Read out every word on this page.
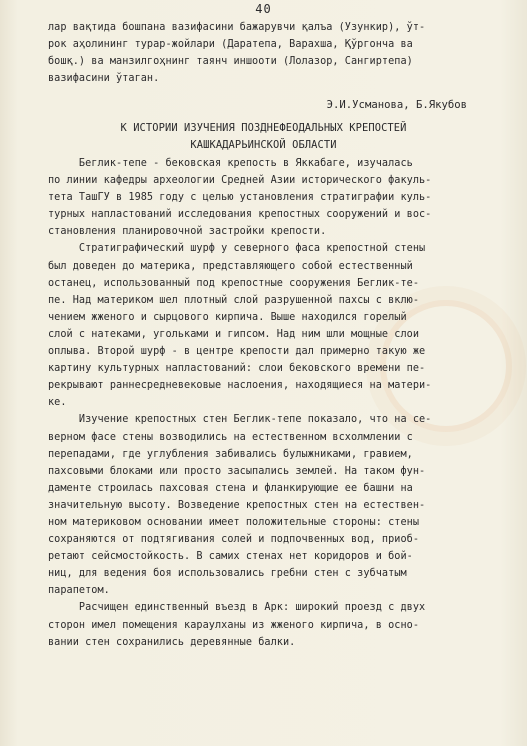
40
лар вақтида бошпана вазифасини бажарувчи қалъа (Узункир), ўт-
рок аҳолининг турар-жойлари (Даратепа, Варахша, Қўргонча ва
бошқ.) ва манзилгоҳнинг таянч иншооти (Лолазор, Сангиртепа)
вазифасини ўтаган.
Э.И.Усманова, Б.Якубов
К ИСТОРИИ ИЗУЧЕНИЯ ПОЗДНЕФЕОДАЛЬНЫХ КРЕПОСТЕЙ
КАШКАДАРЬИНСКОЙ ОБЛАСТИ
Беглик-тепе - бековская крепость в Яккабаге, изучалась
по линии кафедры археологии Средней Азии исторического факуль-
тета ТашГУ в 1985 году с целью установления стратиграфии куль-
турных напластований исследования крепостных сооружений и вос-
становления планировочной застройки крепости.
Стратиграфический шурф у северного фаса крепостной стены
был доведен до материка, представляющего собой естественный
останец, использованный под крепостные сооружения Беглик-те-
пе. Над материком шел плотный слой разрушенной пахсы с вклю-
чением жженого и сырцового кирпича. Выше находился горелый
слой с натеками, угольками и гипсом. Над ним шли мощные слои
оплыва. Второй шурф - в центре крепости дал примерно такую же
картину культурных напластований: слои бековского времени пе-
рекрывают раннесредневековые наслоения, находящиеся на матери-
ке.
Изучение крепостных стен Беглик-тепе показало, что на се-
верном фасе стены возводились на естественном всхолмлении с
перепадами, где углубления забивались булыжниками, гравием,
пахсовыми блоками или просто засыпались землей. На таком фун-
даменте строилась пахсовая стена и фланкирующие ее башни на
значительную высоту. Возведение крепостных стен на естествен-
ном материковом основании имеет положительные стороны: стены
сохраняются от подтягивания солей и подпочвенных вод, приоб-
ретают сейсмостойкость. В самих стенах нет коридоров и бой-
ниц, для ведения боя использовались гребни стен с зубчатым
парапетом.
Расчищен единственный въезд в Арк: широкий проезд с двух
сторон имел помещения караулханы из жженого кирпича, в осно-
вании стен сохранились деревянные балки.
